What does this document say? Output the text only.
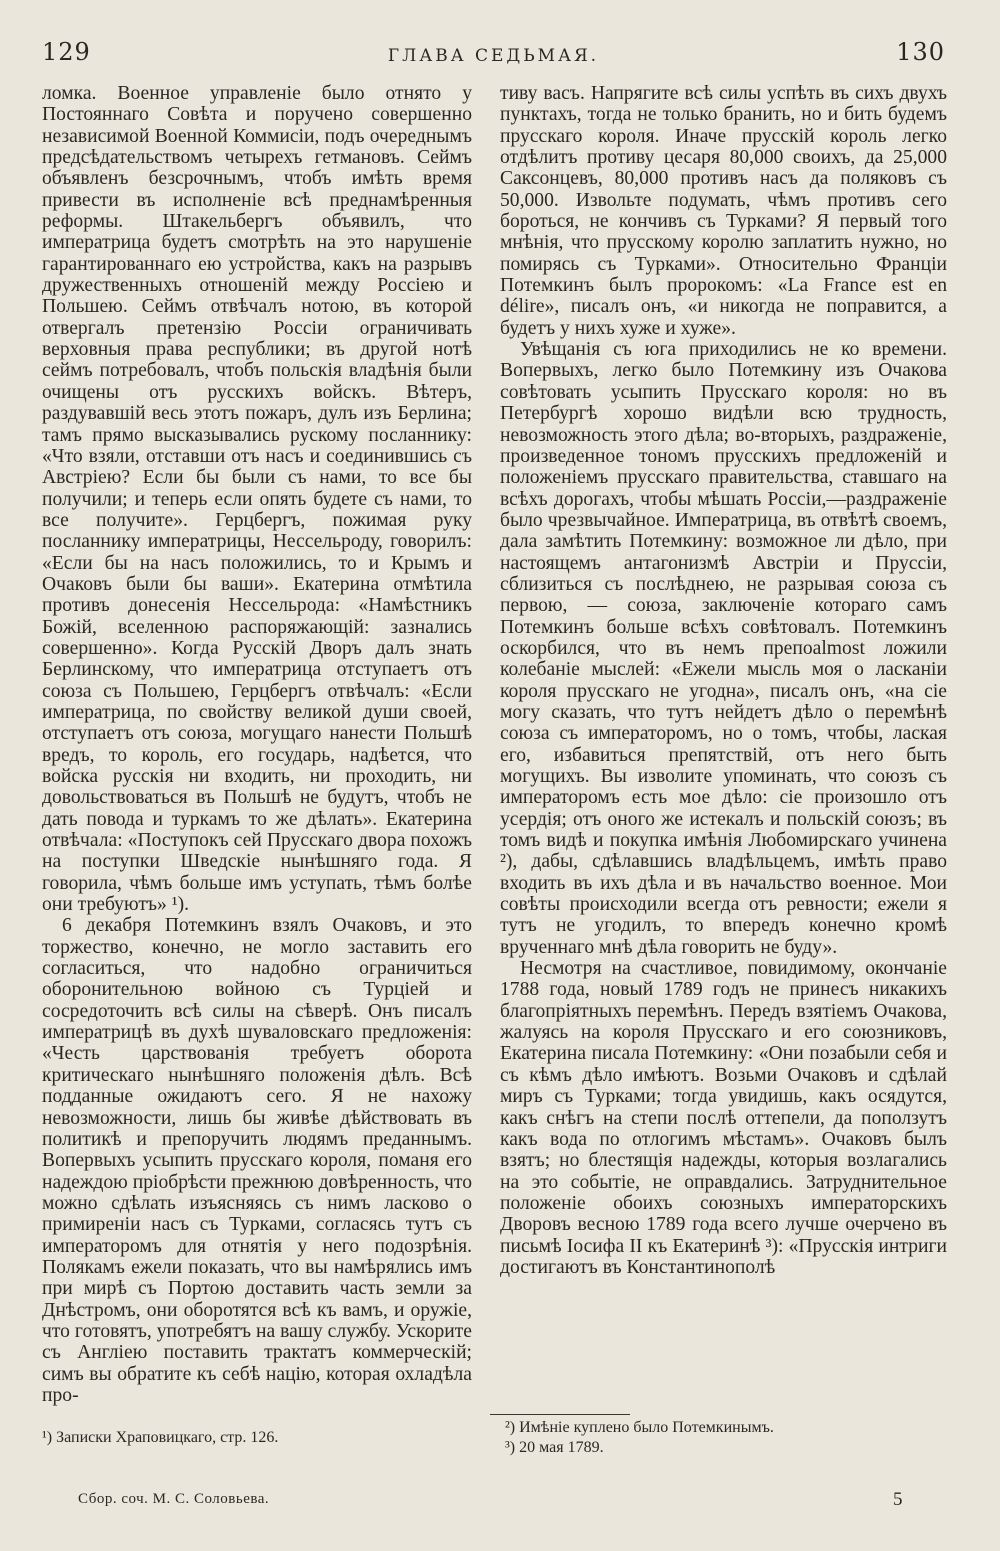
129	ГЛАВА СЕДЬМАЯ.	130

ломка. Военное управленіе было отнято у Постояннаго Совѣта и поручено совершенно независимой Военной Коммисіи, подъ очереднымъ предсѣдательствомъ четырехъ гетмановъ. Сеймъ объявленъ безсрочнымъ, чтобъ имѣть время привести въ исполненіе всѣ преднамѣренныя реформы. Штакельбергъ объявилъ, что императрица будетъ смотрѣть на это нарушеніе гарантированнаго ею устройства, какъ на разрывъ дружественныхъ отношеній между Россіею и Польшею. Сеймъ отвѣчалъ нотою, въ которой отвергалъ претензію Россіи ограничивать верховныя права республики; въ другой нотѣ сеймъ потребовалъ, чтобъ польскія владѣнія были очищены отъ русскихъ войскъ. Вѣтеръ, раздувавшій весь этотъ пожаръ, дулъ изъ Берлина; тамъ прямо высказывались рускому посланнику: «Что взяли, отставши отъ насъ и соединившись съ Австріею? Если бы были съ нами, то все бы получили; и теперь если опять будете съ нами, то все получите». Герцбергъ, пожимая руку посланнику императрицы, Нессельроду, говорилъ: «Если бы на насъ положились, то и Крымъ и Очаковъ были бы ваши». Екатерина отмѣтила противъ донесенія Нессельрода: «Намѣстникъ Божій, вселенною распоряжающій: зазнались совершенно». Когда Русскій Дворъ далъ знать Берлинскому, что императрица отступаетъ отъ союза съ Польшею, Герцбергъ отвѣчалъ: «Если императрица, по свойству великой души своей, отступаетъ отъ союза, могущаго нанести Польшѣ вредъ, то король, его государь, надѣется, что войска русскія ни входить, ни проходить, ни довольствоваться въ Польшѣ не будутъ, чтобъ не дать повода и туркамъ то же дѣлать». Екатерина отвѣчала: «Поступокъ сей Прусскаго двора похожъ на поступки Шведскіе нынѣшняго года. Я говорила, чѣмъ больше имъ уступать, тѣмъ болѣе они требуютъ» ¹).

6 декабря Потемкинъ взялъ Очаковъ, и это торжество, конечно, не могло заставить его согласиться, что надобно ограничиться оборонительною войною съ Турціей и сосредоточить всѣ силы на сѣверѣ. Онъ писалъ императрицѣ въ духѣ шуваловскаго предложенія: «Честь царствованія требуетъ оборота критическаго нынѣшняго положенія дѣлъ. Всѣ подданные ожидаютъ сего. Я не нахожу невозможности, лишь бы живѣе дѣйствовать въ политикѣ и препоручить людямъ преданнымъ. Вопервыхъ усыпить прусскаго короля, поманя его надеждою пріобрѣсти прежнюю довѣренность, что можно сдѣлать изъясняясь съ нимъ ласково о примиреніи насъ съ Турками, согласясь тутъ съ императоромъ для отнятія у него подозрѣнія. Полякамъ ежели показать, что вы намѣрялись имъ при мирѣ съ Портою доставить часть земли за Днѣстромъ, они оборотятся всѣ къ вамъ, и оружіе, что готовятъ, употребятъ на вашу службу. Ускорите съ Англіею поставить трактатъ коммерческій; симъ вы обратите къ себѣ націю, которая охладѣла про-

тиву васъ. Напрягите всѣ силы успѣть въ сихъ двухъ пунктахъ, тогда не только бранить, но и бить будемъ прусскаго короля. Иначе прусскій король легко отдѣлитъ противу цесаря 80,000 своихъ, да 25,000 Саксонцевъ, 80,000 противъ насъ да поляковъ съ 50,000. Извольте подумать, чѣмъ противъ сего бороться, не кончивъ съ Турками? Я первый того мнѣнія, что прусскому королю заплатить нужно, но помирясь съ Турками». Относительно Франціи Потемкинъ былъ пророкомъ: «La France est en délire», писалъ онъ, «и никогда не поправится, а будетъ у нихъ хуже и хуже».

Увѣщанія съ юга приходились не ко времени. Вопервыхъ, легко было Потемкину изъ Очакова совѣтовать усыпить Прусскаго короля: но въ Петербургѣ хорошо видѣли всю трудность, невозможность этого дѣла; во-вторыхъ, раздраженіе, произведенное тономъ прусскихъ предложеній и положеніемъ прусскаго правительства, ставшаго на всѣхъ дорогахъ, чтобы мѣшать Россіи,—раздраженіе было чрезвычайное. Императрица, въ отвѣтѣ своемъ, дала замѣтить Потемкину: возможное ли дѣло, при настоящемъ антагонизмѣ Австріи и Пруссіи, сблизиться съ послѣднею, не разрывая союза съ первою, — союза, заключеніе котораго самъ Потемкинъ больше всѣхъ совѣтовалъ. Потемкинъ оскорбился, что въ немъ препоalmost ложили колебаніе мыслей: «Ежели мысль моя о ласканіи короля прусскаго не угодна», писалъ онъ, «на сіе могу сказать, что тутъ нейдетъ дѣло о перемѣнѣ союза съ императоромъ, но о томъ, чтобы, лаская его, избавиться препятствій, отъ него быть могущихъ. Вы изволите упоминать, что союзъ съ императоромъ есть мое дѣло: сіе произошло отъ усердія; отъ оного же истекалъ и польскій союзъ; въ томъ видѣ и покупка имѣнія Любомирскаго учинена ²), дабы, сдѣлавшись владѣльцемъ, имѣть право входить въ ихъ дѣла и въ начальство военное. Мои совѣты происходили всегда отъ ревности; ежели я тутъ не угодилъ, то впередъ конечно кромѣ врученнаго мнѣ дѣла говорить не буду».

Несмотря на счастливое, повидимому, окончаніе 1788 года, новый 1789 годъ не принесъ никакихъ благопріятныхъ перемѣнъ. Передъ взятіемъ Очакова, жалуясь на короля Прусскаго и его союзниковъ, Екатерина писала Потемкину: «Они позабыли себя и съ кѣмъ дѣло имѣютъ. Возьми Очаковъ и сдѣлай миръ съ Турками; тогда увидишь, какъ осядутся, какъ снѣгъ на степи послѣ оттепели, да поползутъ какъ вода по отлогимъ мѣстамъ». Очаковъ былъ взятъ; но блестящія надежды, которыя возлагались на это событіе, не оправдались. Затруднительное положеніе обоихъ союзныхъ императорскихъ Дворовъ весною 1789 года всего лучше очерчено въ письмѣ Іосифа II къ Екатеринѣ ³): «Прусскія интриги достигаютъ въ Константинополѣ

¹) Записки Храповицкаго, стр. 126.
²) Имѣніе куплено было Потемкинымъ.
³) 20 мая 1789.
Сбор. соч. М. С. Соловьева.	5
